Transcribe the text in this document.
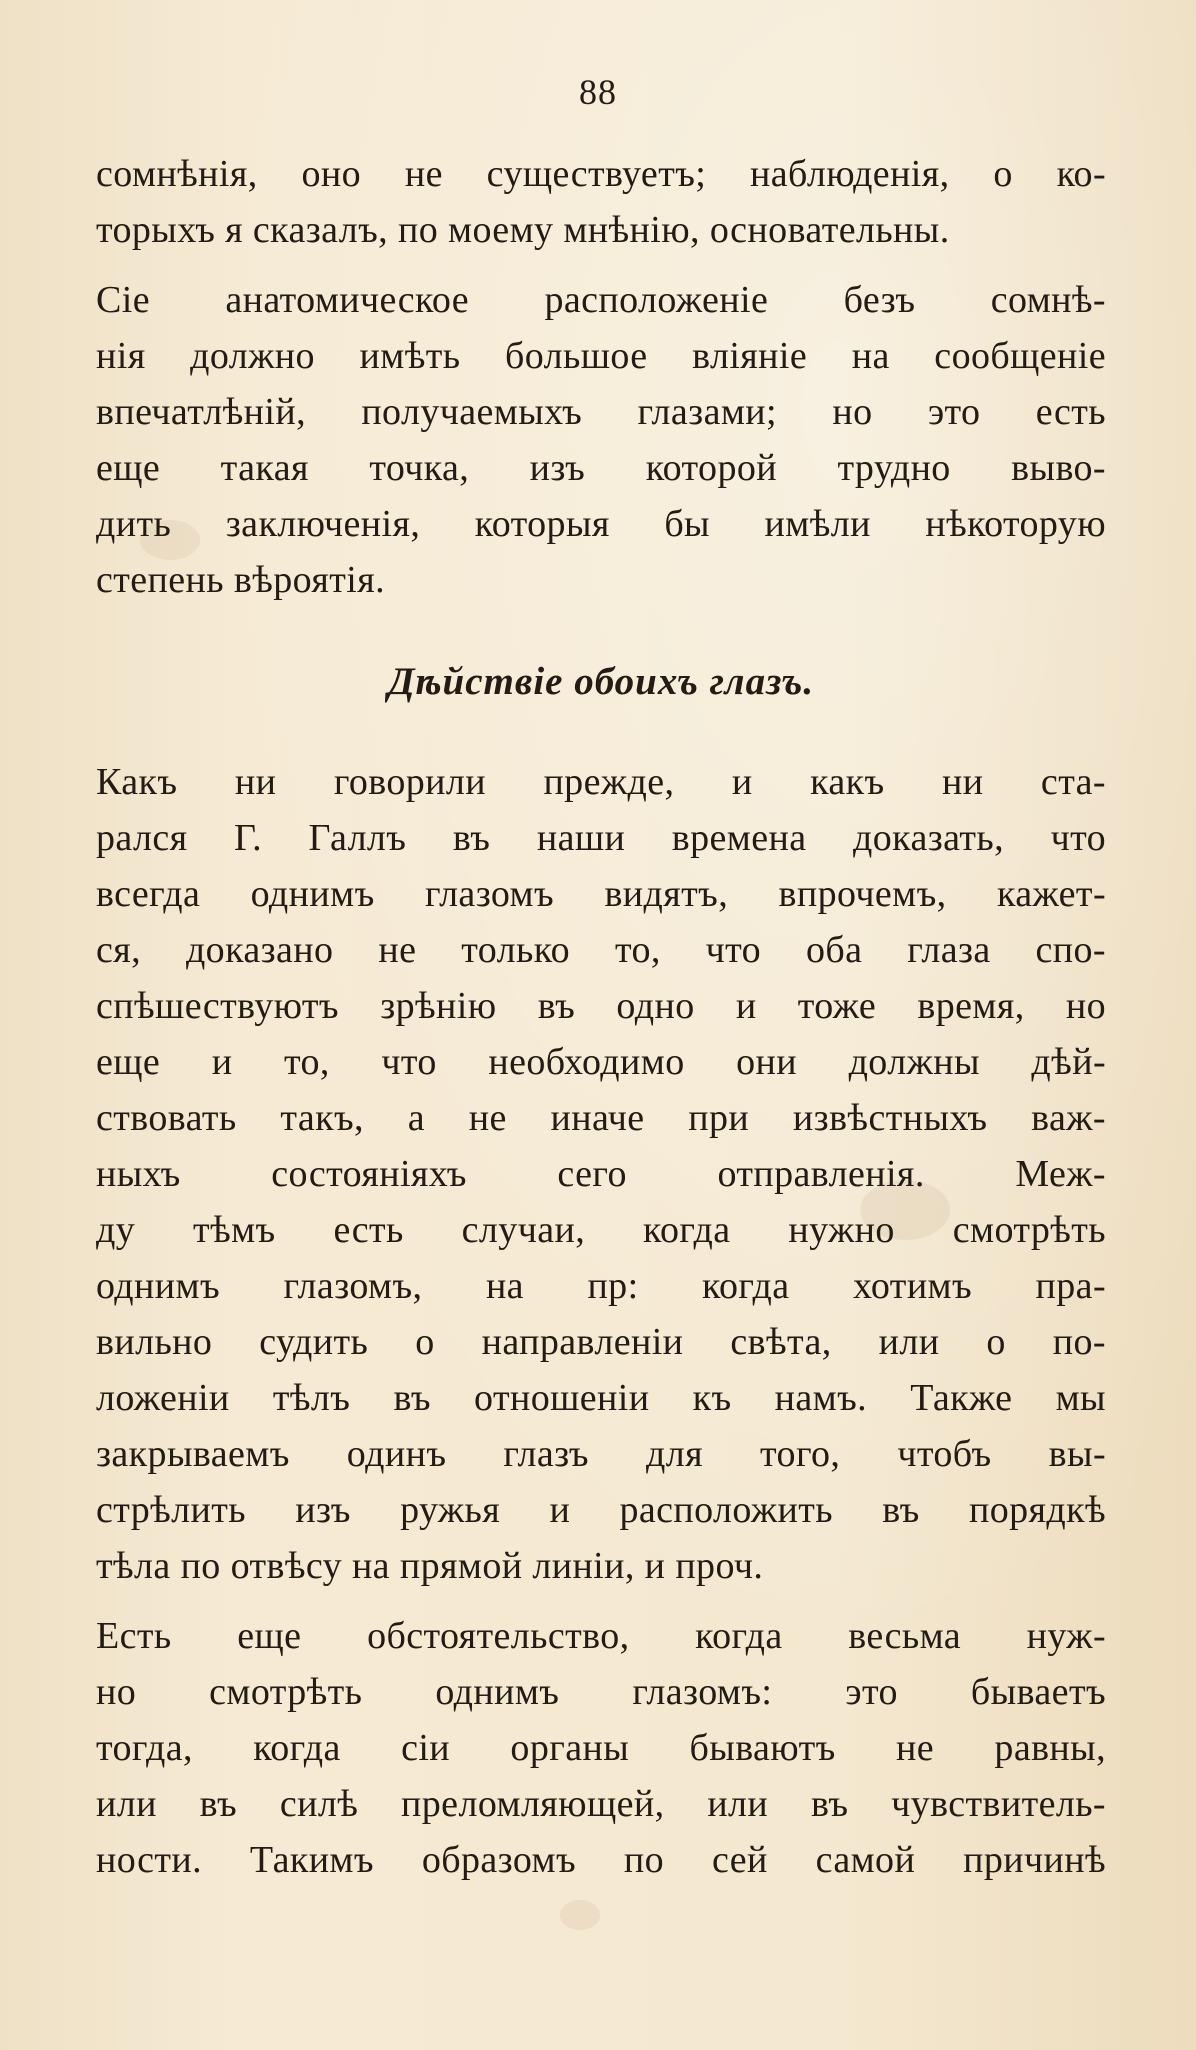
88
сомнѣнія, оно не существуетъ; наблюденія, о ко-
торыхъ я сказалъ, по моему мнѣнію, основательны.
Сіе анатомическое расположеніе безъ сомнѣ-
нія должно имѣть большое вліяніе на сообщеніе
впечатлѣній, получаемыхъ глазами; но это есть
еще такая точка, изъ которой трудно выво-
дить заключенія, которыя бы имѣли нѣкоторую
степень вѣроятія.
Дѣйствіе обоихъ глазъ.
Какъ ни говорили прежде, и какъ ни ста-
рался Г. Галлъ въ наши времена доказать, что
всегда однимъ глазомъ видятъ, впрочемъ, кажет-
ся, доказано не только то, что оба глаза спо-
спѣшествуютъ зрѣнію въ одно и тоже время, но
еще и то, что необходимо они должны дѣй-
ствовать такъ, а не иначе при извѣстныхъ важ-
ныхъ состояніяхъ сего отправленія. Меж-
ду тѣмъ есть случаи, когда нужно смотрѣть
однимъ глазомъ, на пр: когда хотимъ пра-
вильно судить о направленіи свѣта, или о по-
ложеніи тѣлъ въ отношеніи къ намъ. Также мы
закрываемъ одинъ глазъ для того, чтобъ вы-
стрѣлить изъ ружья и расположить въ порядкѣ
тѣла по отвѣсу на прямой линіи, и проч.
Есть еще обстоятельство, когда весьма нуж-
но смотрѣть однимъ глазомъ: это бываетъ
тогда, когда сіи органы бываютъ не равны,
или въ силѣ преломляющей, или въ чувствитель-
ности. Такимъ образомъ по сей самой причинѣ
